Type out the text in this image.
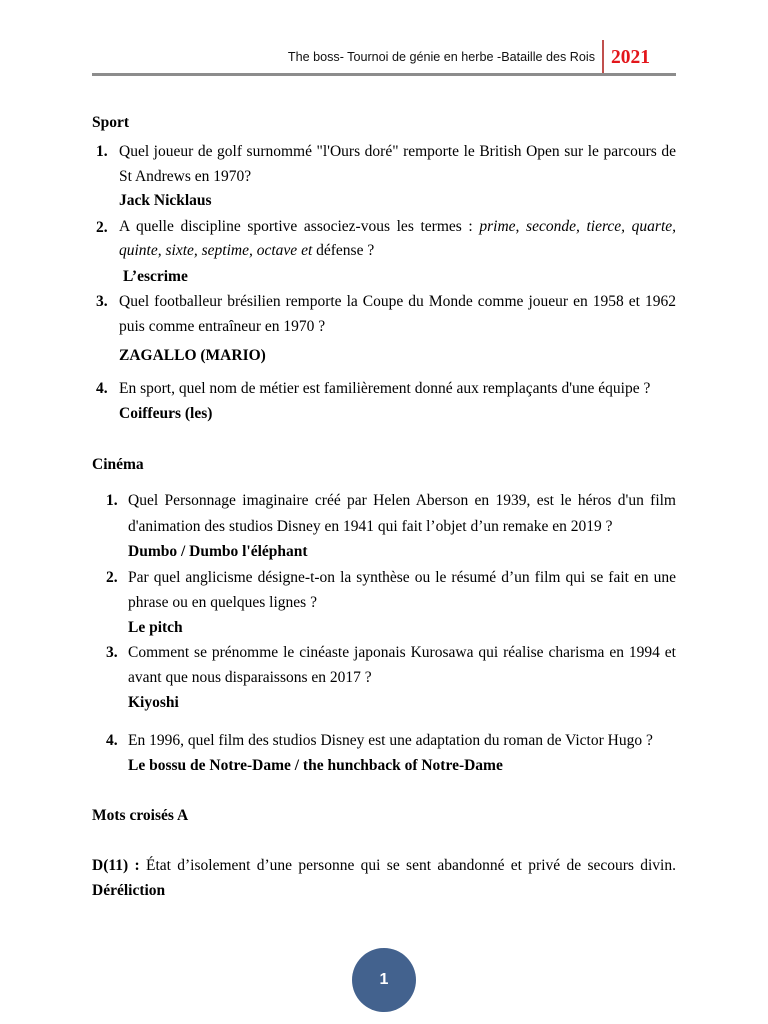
The boss- Tournoi de génie en herbe -Bataille des Rois 2021
Sport
1. Quel joueur de golf surnommé "l'Ours doré" remporte le British Open sur le parcours de St Andrews en 1970?
Jack Nicklaus
2. A quelle discipline sportive associez-vous les termes : prime, seconde, tierce, quarte, quinte, sixte, septime, octave et défense ?
L’escrime
3. Quel footballeur brésilien remporte la Coupe du Monde comme joueur en 1958 et 1962 puis comme entraîneur en 1970 ?
ZAGALLO (MARIO)
4. En sport, quel nom de métier est familièrement donné aux remplaçants d'une équipe ?
Coiffeurs (les)
Cinéma
1. Quel Personnage imaginaire créé par Helen Aberson en 1939, est le héros d'un film d'animation des studios Disney en 1941 qui fait l’objet d’un remake en 2019 ?
Dumbo / Dumbo l'éléphant
2. Par quel anglicisme désigne-t-on la synthèse ou le résumé d’un film qui se fait en une phrase ou en quelques lignes ?
Le pitch
3. Comment se prénomme le cinéaste japonais Kurosawa qui réalise charisma en 1994 et avant que nous disparaissons en 2017 ?
Kiyoshi
4. En 1996, quel film des studios Disney est une adaptation du roman de Victor Hugo ?
Le bossu de Notre-Dame / the hunchback of Notre-Dame
Mots croisés A
D(11) : État d’isolement d’une personne qui se sent abandonné et privé de secours divin. Déréliction
1
